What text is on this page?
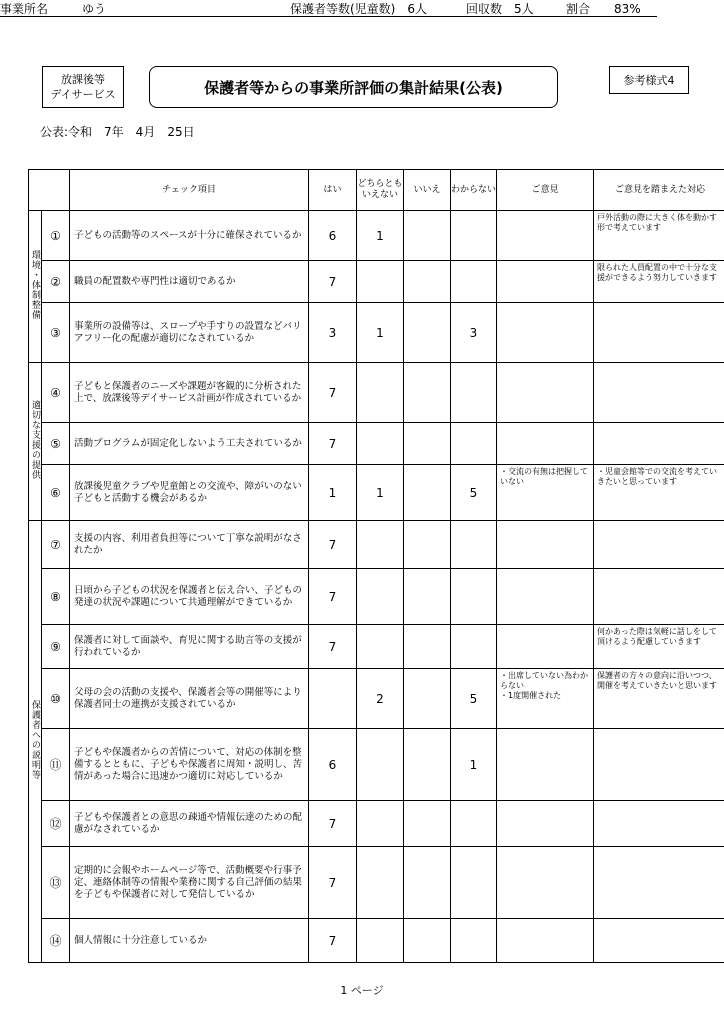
放課後等
デイサービス	保護者等からの事業所評価の集計結果(公表)	参考様式4
公表:令和　7年　4月　25日
事業所名	ゆう	保護者等数(児童数)　6人	回収数　5人	割合　　83%
		チェック項目	はい	どちらともいえない	いいえ	わからない	ご意見	ご意見を踏まえた対応
環境・体制整備	①	子どもの活動等のスペースが十分に確保されているか	6	1				戸外活動の際に大きく体を動かす形で考えています
	②	職員の配置数や専門性は適切であるか	7					限られた人員配置の中で十分な支援ができるよう努力していきます
	③	事業所の設備等は、スロープや手すりの設置などバリアフリー化の配慮が適切になされているか	3	1		3		
適切な支援の提供	④	子どもと保護者のニーズや課題が客観的に分析された上で、放課後等デイサービス計画が作成されているか	7					
	⑤	活動プログラムが固定化しないよう工夫されているか	7					
	⑥	放課後児童クラブや児童館との交流や、障がいのない子どもと活動する機会があるか	1	1		5	・交流の有無は把握していない	・児童会館等での交流を考えていきたいと思っています
保護者への説明等	⑦	支援の内容、利用者負担等について丁寧な説明がなされたか	7					
	⑧	日頃から子どもの状況を保護者と伝え合い、子どもの発達の状況や課題について共通理解ができているか	7					
	⑨	保護者に対して面談や、育児に関する助言等の支援が行われているか	7					何かあった際は気軽に話しをして頂けるよう配慮していきます
	⑩	父母の会の活動の支援や、保護者会等の開催等により保護者同士の連携が支援されているか		2		5	・出席していない為わからない
・1度開催された	保護者の方々の意向に沿いつつ、開催を考えていきたいと思います
	⑪	子どもや保護者からの苦情について、対応の体制を整備するとともに、子どもや保護者に周知・説明し、苦情があった場合に迅速かつ適切に対応しているか	6			1		
	⑫	子どもや保護者との意思の疎通や情報伝達のための配慮がなされているか	7					
	⑬	定期的に会報やホームページ等で、活動概要や行事予定、連絡体制等の情報や業務に関する自己評価の結果を子どもや保護者に対して発信しているか	7					
	⑭	個人情報に十分注意しているか	7					
1 ページ
